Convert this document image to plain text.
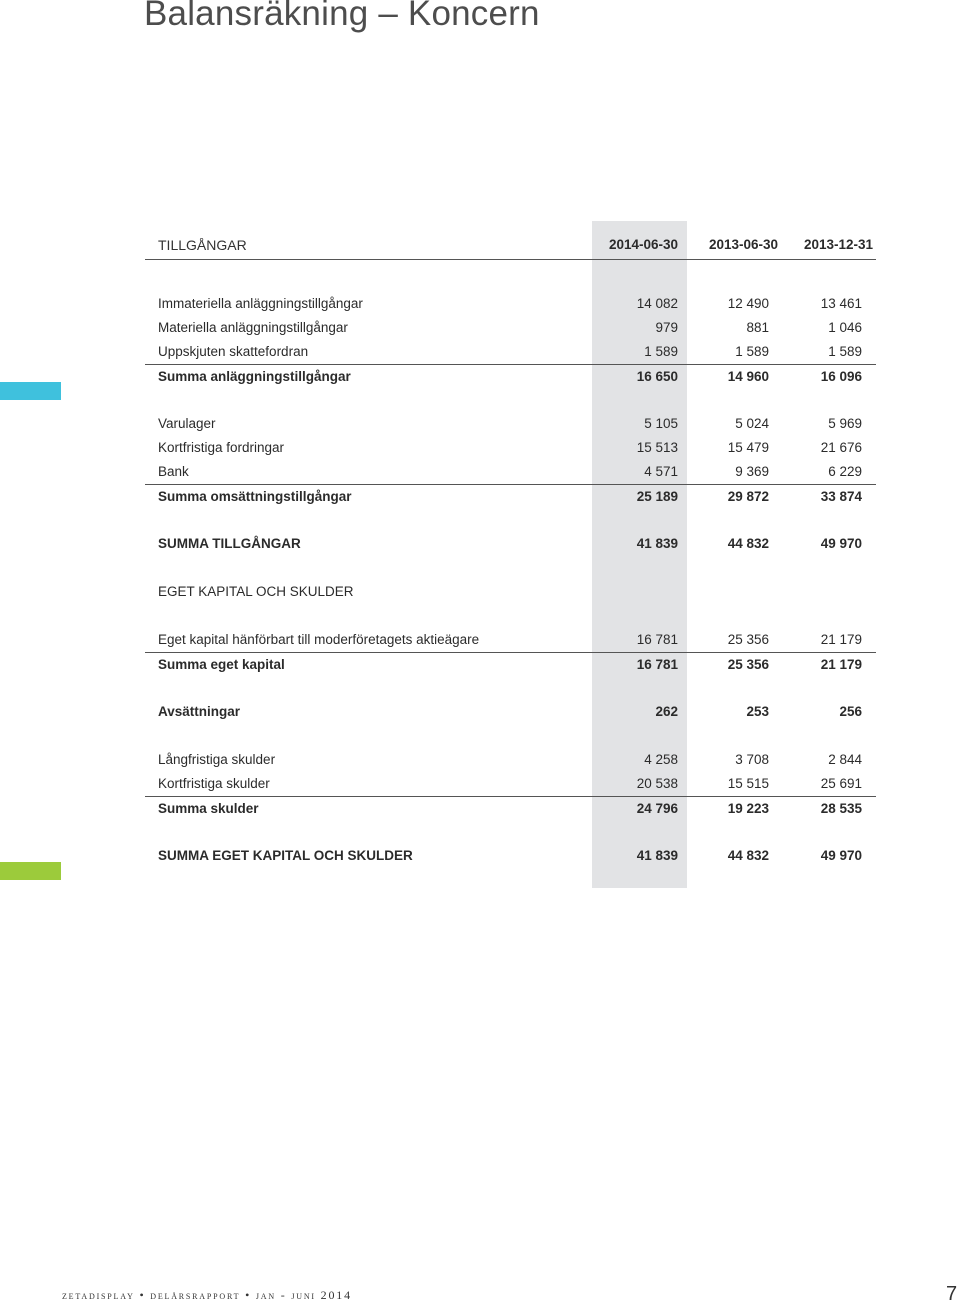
Balansräkning – Koncern
TILLGÅNGAR	2014-06-30	2013-06-30	2013-12-31
Immateriella anläggningstillgångar	14 082	12 490	13 461
Materiella anläggningstillgångar	979	881	1 046
Uppskjuten skattefordran	1 589	1 589	1 589
Summa anläggningstillgångar	16 650	14 960	16 096
Varulager	5 105	5 024	5 969
Kortfristiga fordringar	15 513	15 479	21 676
Bank	4 571	9 369	6 229
Summa omsättningstillgångar	25 189	29 872	33 874
SUMMA TILLGÅNGAR	41 839	44 832	49 970
EGET KAPITAL OCH SKULDER
Eget kapital hänförbart till moderföretagets aktieägare	16 781	25 356	21 179
Summa eget kapital	16 781	25 356	21 179
Avsättningar	262	253	256
Långfristiga skulder	4 258	3 708	2 844
Kortfristiga skulder	20 538	15 515	25 691
Summa skulder	24 796	19 223	28 535
SUMMA EGET KAPITAL OCH SKULDER	41 839	44 832	49 970
zetadisplay • delårsrapport • jan - juni 2014	7
